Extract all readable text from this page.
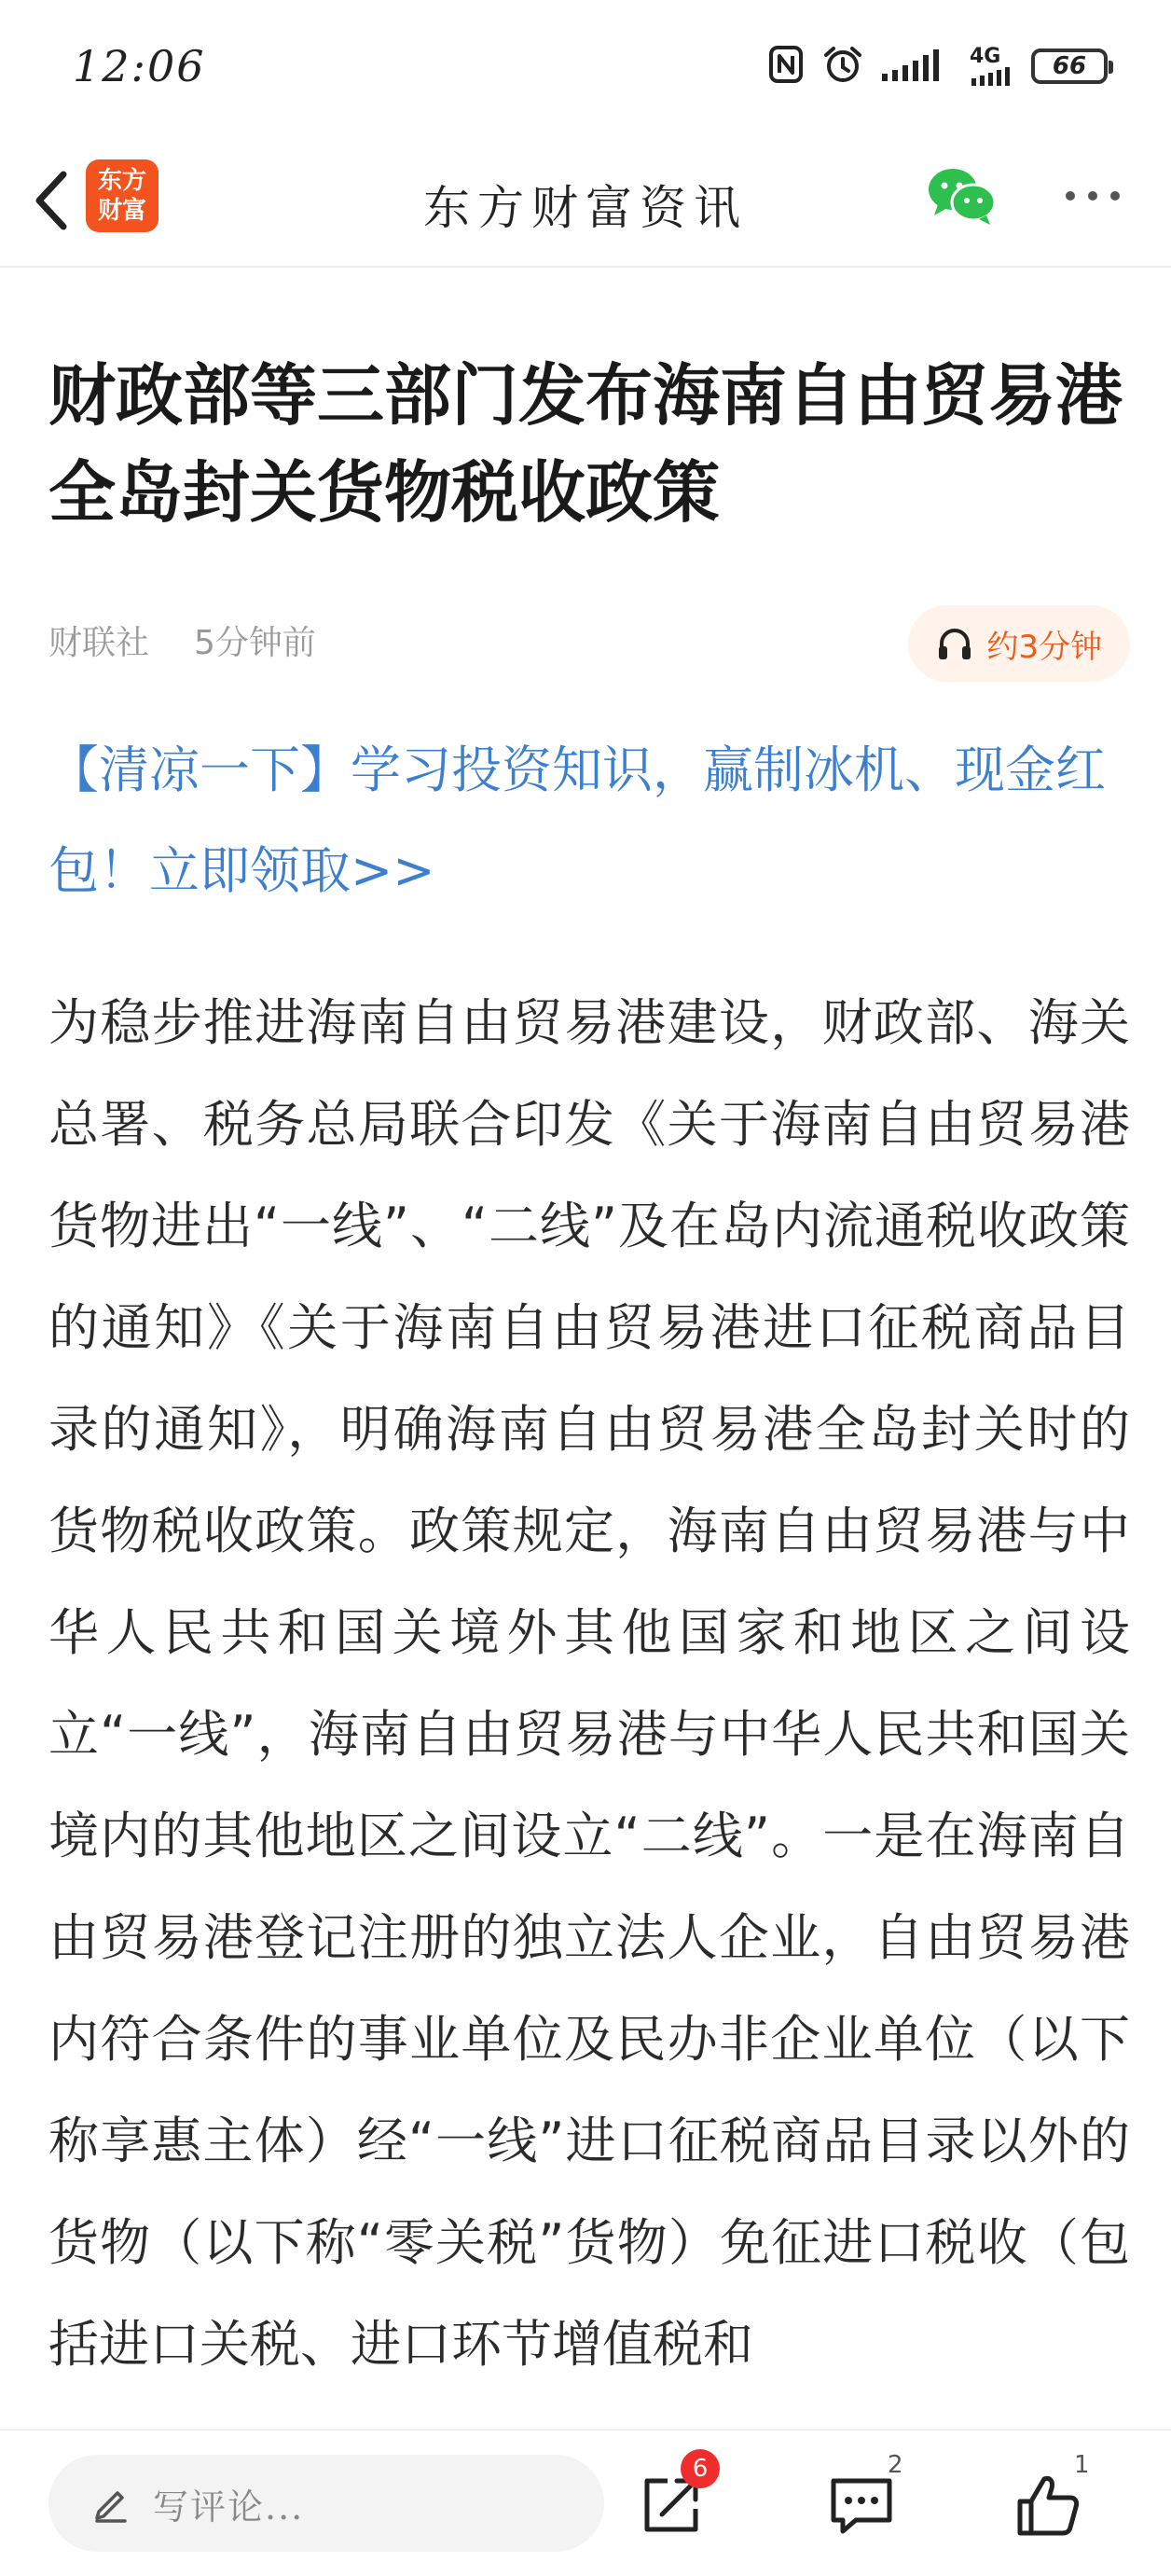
12:06	4G 66
东方
财富	东方财富资讯
财政部等三部门发布海南自由贸易港全岛封关货物税收政策
财联社 5分钟前	约3分钟
【清凉一下】学习投资知识，赢制冰机、现金红包！立即领取>>
为稳步推进海南自由贸易港建设，财政部、海关总署、税务总局联合印发《关于海南自由贸易港货物进出“一线”、“二线”及在岛内流通税收政策的通知》《关于海南自由贸易港进口征税商品目录的通知》，明确海南自由贸易港全岛封关时的货物税收政策。政策规定，海南自由贸易港与中华人民共和国关境外其他国家和地区之间设立“一线”，海南自由贸易港与中华人民共和国关境内的其他地区之间设立“二线”。一是在海南自由贸易港登记注册的独立法人企业，自由贸易港内符合条件的事业单位及民办非企业单位（以下称享惠主体）经“一线”进口征税商品目录以外的货物（以下称“零关税”货物）免征进口税收（包括进口关税、进口环节增值税和
写评论...
6	2	1
